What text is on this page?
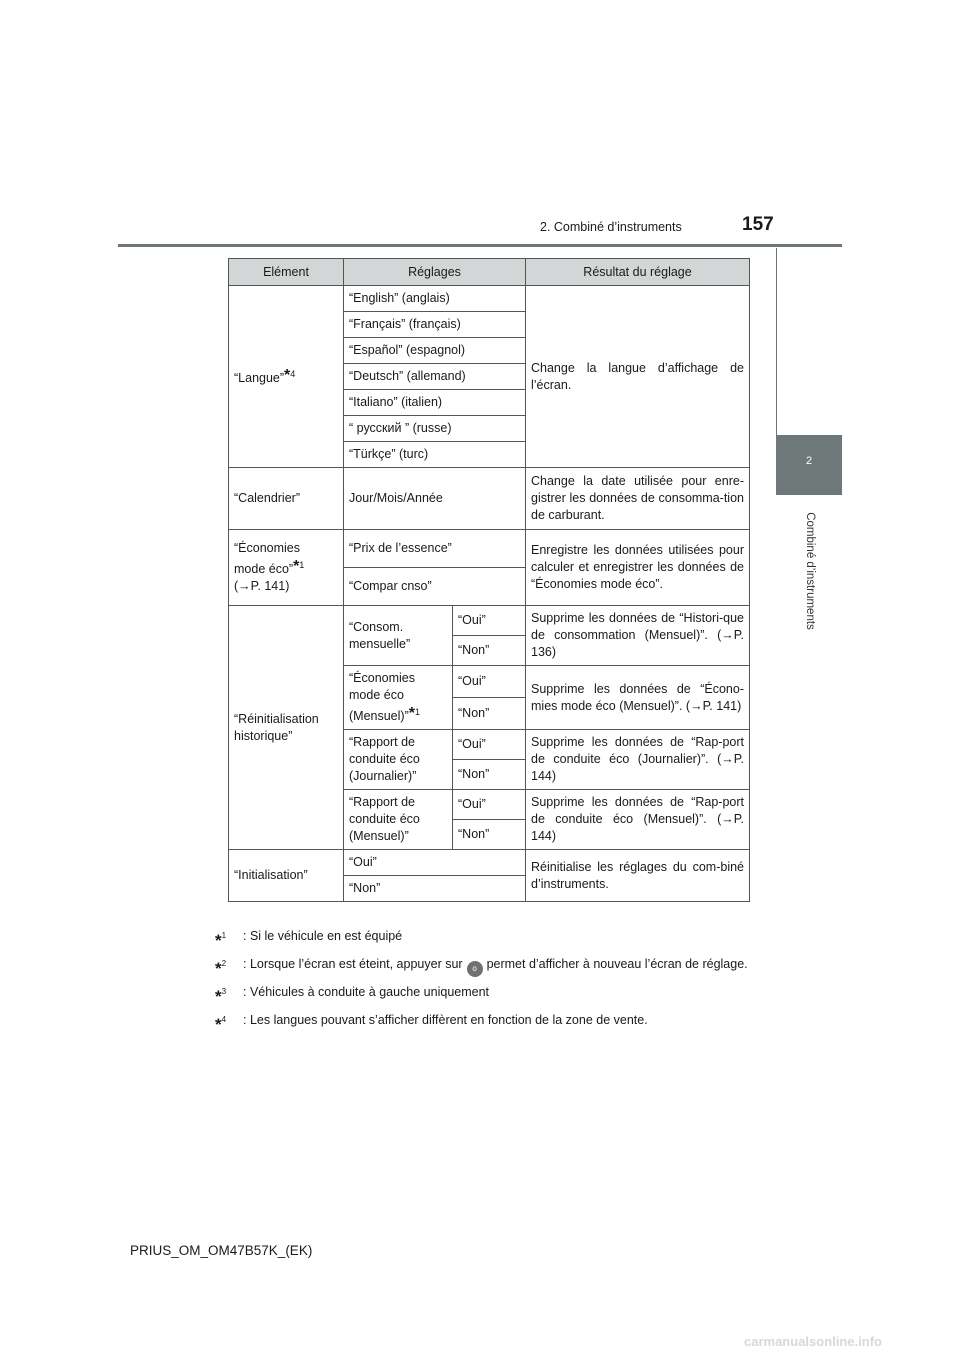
2. Combiné d’instruments	157
2
Combiné d’instruments
Elément	Réglages		Résultat du réglage
“Langue”*$^4$	“English” (anglais)		Change la langue d’affichage de l’écran.
	“Français” (français)		
	“Español” (espagnol)		
	“Deutsch” (allemand)		
	“Italiano” (italien)		
	“ русский ” (russe)		
	“Türkçe” (turc)		
“Calendrier”	Jour/Mois/Année		Change la date utilisée pour enre-gistrer les données de consomma-tion de carburant.
“Économies
mode éco”*$^1$
(→P. 141)	“Prix de l’essence”		Enregistre les données utilisées pour calculer et enregistrer les données de “Économies mode éco”.
	“Compar cnso”		
“Réinitialisation historique”	“Consom. mensuelle”	“Oui”	Supprime les données de “Histori-que de consommation (Mensuel)”. (→P. 136)
		“Non”	
	“Économies mode éco (Mensuel)”*$^1$	“Oui”	Supprime les données de “Écono-mies mode éco (Mensuel)”. (→P. 141)
		“Non”	
	“Rapport de conduite éco (Journalier)”	“Oui”	Supprime les données de “Rap-port de conduite éco (Journalier)”. (→P. 144)
		“Non”	
	“Rapport de conduite éco (Mensuel)”	“Oui”	Supprime les données de “Rap-port de conduite éco (Mensuel)”. (→P. 144)
		“Non”	
“Initialisation”	“Oui”		Réinitialise les réglages du com-biné d’instruments.
	“Non”		
*$^1$	: Si le véhicule en est équipé
*$^2$	: Lorsque l’écran est éteint, appuyer sur o permet d’afficher à nouveau l’écran de réglage.
*$^3$	: Véhicules à conduite à gauche uniquement
*$^4$	: Les langues pouvant s’afficher diffèrent en fonction de la zone de vente.
PRIUS_OM_OM47B57K_(EK)
carmanualsonline.info
